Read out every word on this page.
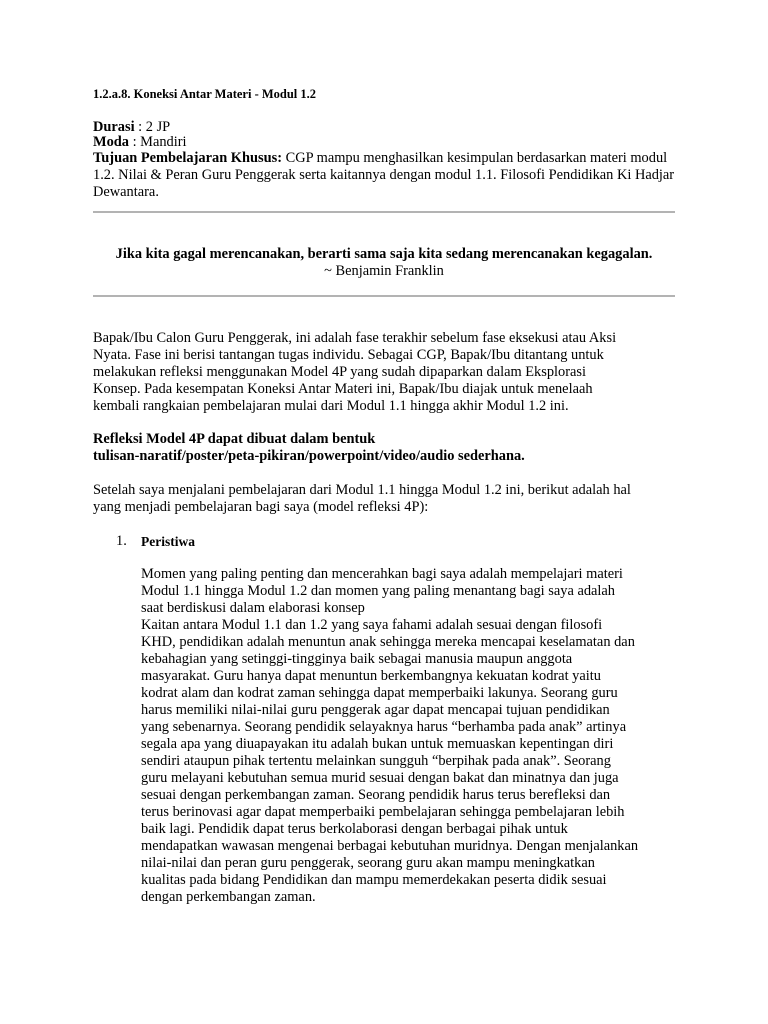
1.2.a.8. Koneksi Antar Materi - Modul 1.2
Durasi : 2 JP
Moda : Mandiri
Tujuan Pembelajaran Khusus: CGP mampu menghasilkan kesimpulan berdasarkan materi modul
1.2. Nilai & Peran Guru Penggerak serta kaitannya dengan modul 1.1. Filosofi Pendidikan Ki Hadjar
Dewantara.
Jika kita gagal merencanakan, berarti sama saja kita sedang merencanakan kegagalan.
~ Benjamin Franklin
Bapak/Ibu Calon Guru Penggerak, ini adalah fase terakhir sebelum fase eksekusi atau Aksi
Nyata. Fase ini berisi tantangan tugas individu. Sebagai CGP, Bapak/Ibu ditantang untuk
melakukan refleksi menggunakan Model 4P yang sudah dipaparkan dalam Eksplorasi
Konsep. Pada kesempatan Koneksi Antar Materi ini, Bapak/Ibu diajak untuk menelaah
kembali rangkaian pembelajaran mulai dari Modul 1.1 hingga akhir Modul 1.2 ini.
Refleksi Model 4P dapat dibuat dalam bentuk
tulisan-naratif/poster/peta-pikiran/powerpoint/video/audio sederhana.
Setelah saya menjalani pembelajaran dari Modul 1.1 hingga Modul 1.2 ini, berikut adalah hal
yang menjadi pembelajaran bagi saya (model refleksi 4P):
1. Peristiwa
Momen yang paling penting dan mencerahkan bagi saya adalah mempelajari materi
Modul 1.1 hingga Modul 1.2 dan momen yang paling menantang bagi saya adalah
saat berdiskusi dalam elaborasi konsep
Kaitan antara Modul 1.1 dan 1.2 yang saya fahami adalah sesuai dengan filosofi
KHD, pendidikan adalah menuntun anak sehingga mereka mencapai keselamatan dan
kebahagian yang setinggi-tingginya baik sebagai manusia maupun anggota
masyarakat. Guru hanya dapat menuntun berkembangnya kekuatan kodrat yaitu
kodrat alam dan kodrat zaman sehingga dapat memperbaiki lakunya. Seorang guru
harus memiliki nilai-nilai guru penggerak agar dapat mencapai tujuan pendidikan
yang sebenarnya. Seorang pendidik selayaknya harus “berhamba pada anak” artinya
segala apa yang diuapayakan itu adalah bukan untuk memuaskan kepentingan diri
sendiri ataupun pihak tertentu melainkan sungguh “berpihak pada anak”. Seorang
guru melayani kebutuhan semua murid sesuai dengan bakat dan minatnya dan juga
sesuai dengan perkembangan zaman. Seorang pendidik harus terus berefleksi dan
terus berinovasi agar dapat memperbaiki pembelajaran sehingga pembelajaran lebih
baik lagi. Pendidik dapat terus berkolaborasi dengan berbagai pihak untuk
mendapatkan wawasan mengenai berbagai kebutuhan muridnya. Dengan menjalankan
nilai-nilai dan peran guru penggerak, seorang guru akan mampu meningkatkan
kualitas pada bidang Pendidikan dan mampu memerdekakan peserta didik sesuai
dengan perkembangan zaman.
